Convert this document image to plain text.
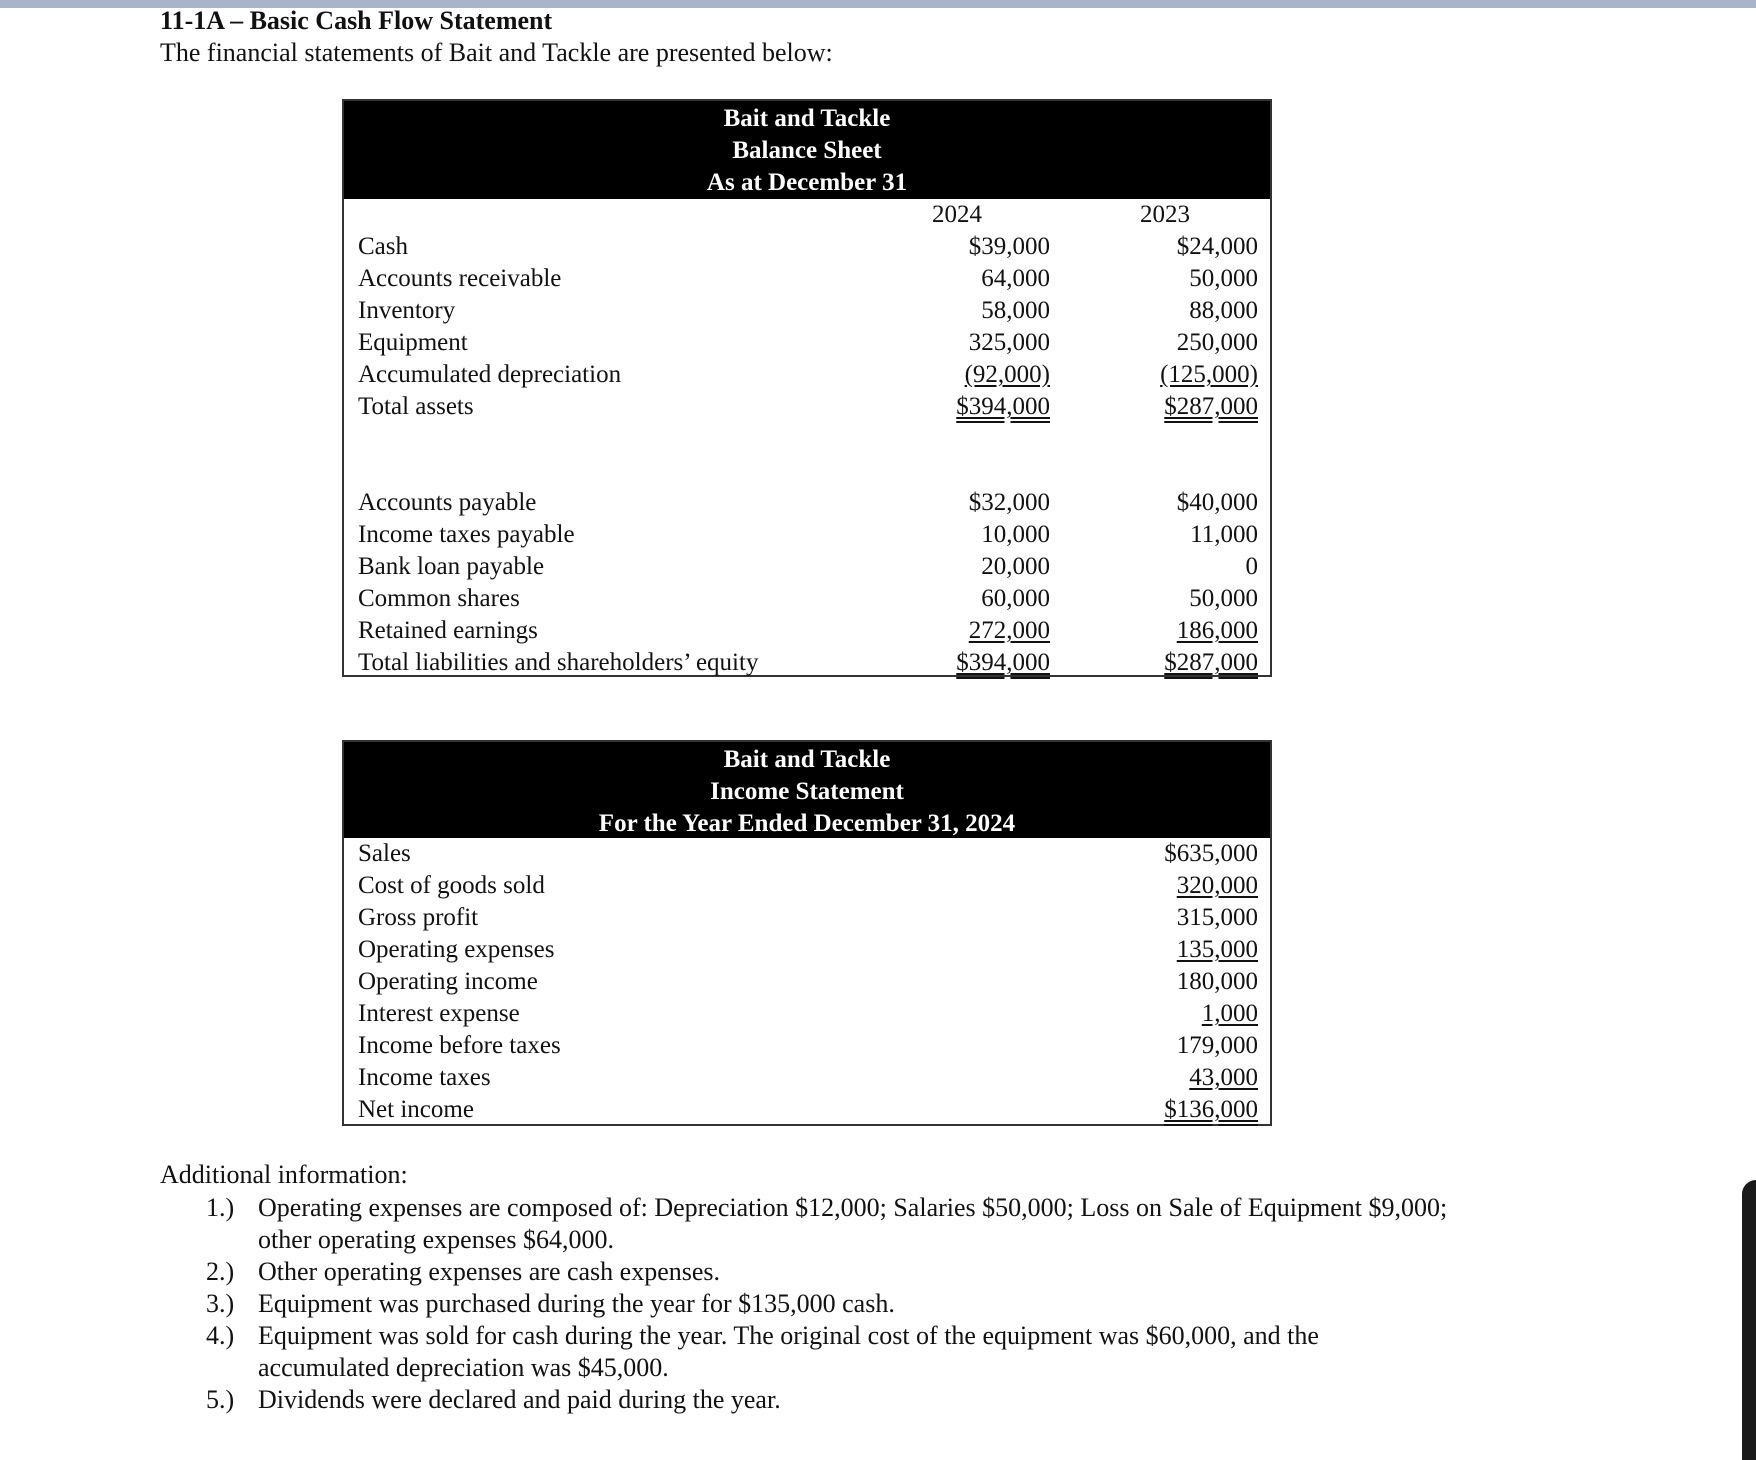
11-1A – Basic Cash Flow Statement
The financial statements of Bait and Tackle are presented below:
Bait and Tackle
Balance Sheet
As at December 31
2024	2023
Cash	$39,000	$24,000
Accounts receivable	64,000	50,000
Inventory	58,000	88,000
Equipment	325,000	250,000
Accumulated depreciation	(92,000)	(125,000)
Total assets	$394,000	$287,000
Accounts payable	$32,000	$40,000
Income taxes payable	10,000	11,000
Bank loan payable	20,000	0
Common shares	60,000	50,000
Retained earnings	272,000	186,000
Total liabilities and shareholders’ equity	$394,000	$287,000
Bait and Tackle
Income Statement
For the Year Ended December 31, 2024
Sales	$635,000
Cost of goods sold	320,000
Gross profit	315,000
Operating expenses	135,000
Operating income	180,000
Interest expense	1,000
Income before taxes	179,000
Income taxes	43,000
Net income	$136,000
Additional information:
1.) Operating expenses are composed of: Depreciation $12,000; Salaries $50,000; Loss on Sale of Equipment $9,000; other operating expenses $64,000.
2.) Other operating expenses are cash expenses.
3.) Equipment was purchased during the year for $135,000 cash.
4.) Equipment was sold for cash during the year. The original cost of the equipment was $60,000, and the accumulated depreciation was $45,000.
5.) Dividends were declared and paid during the year.
